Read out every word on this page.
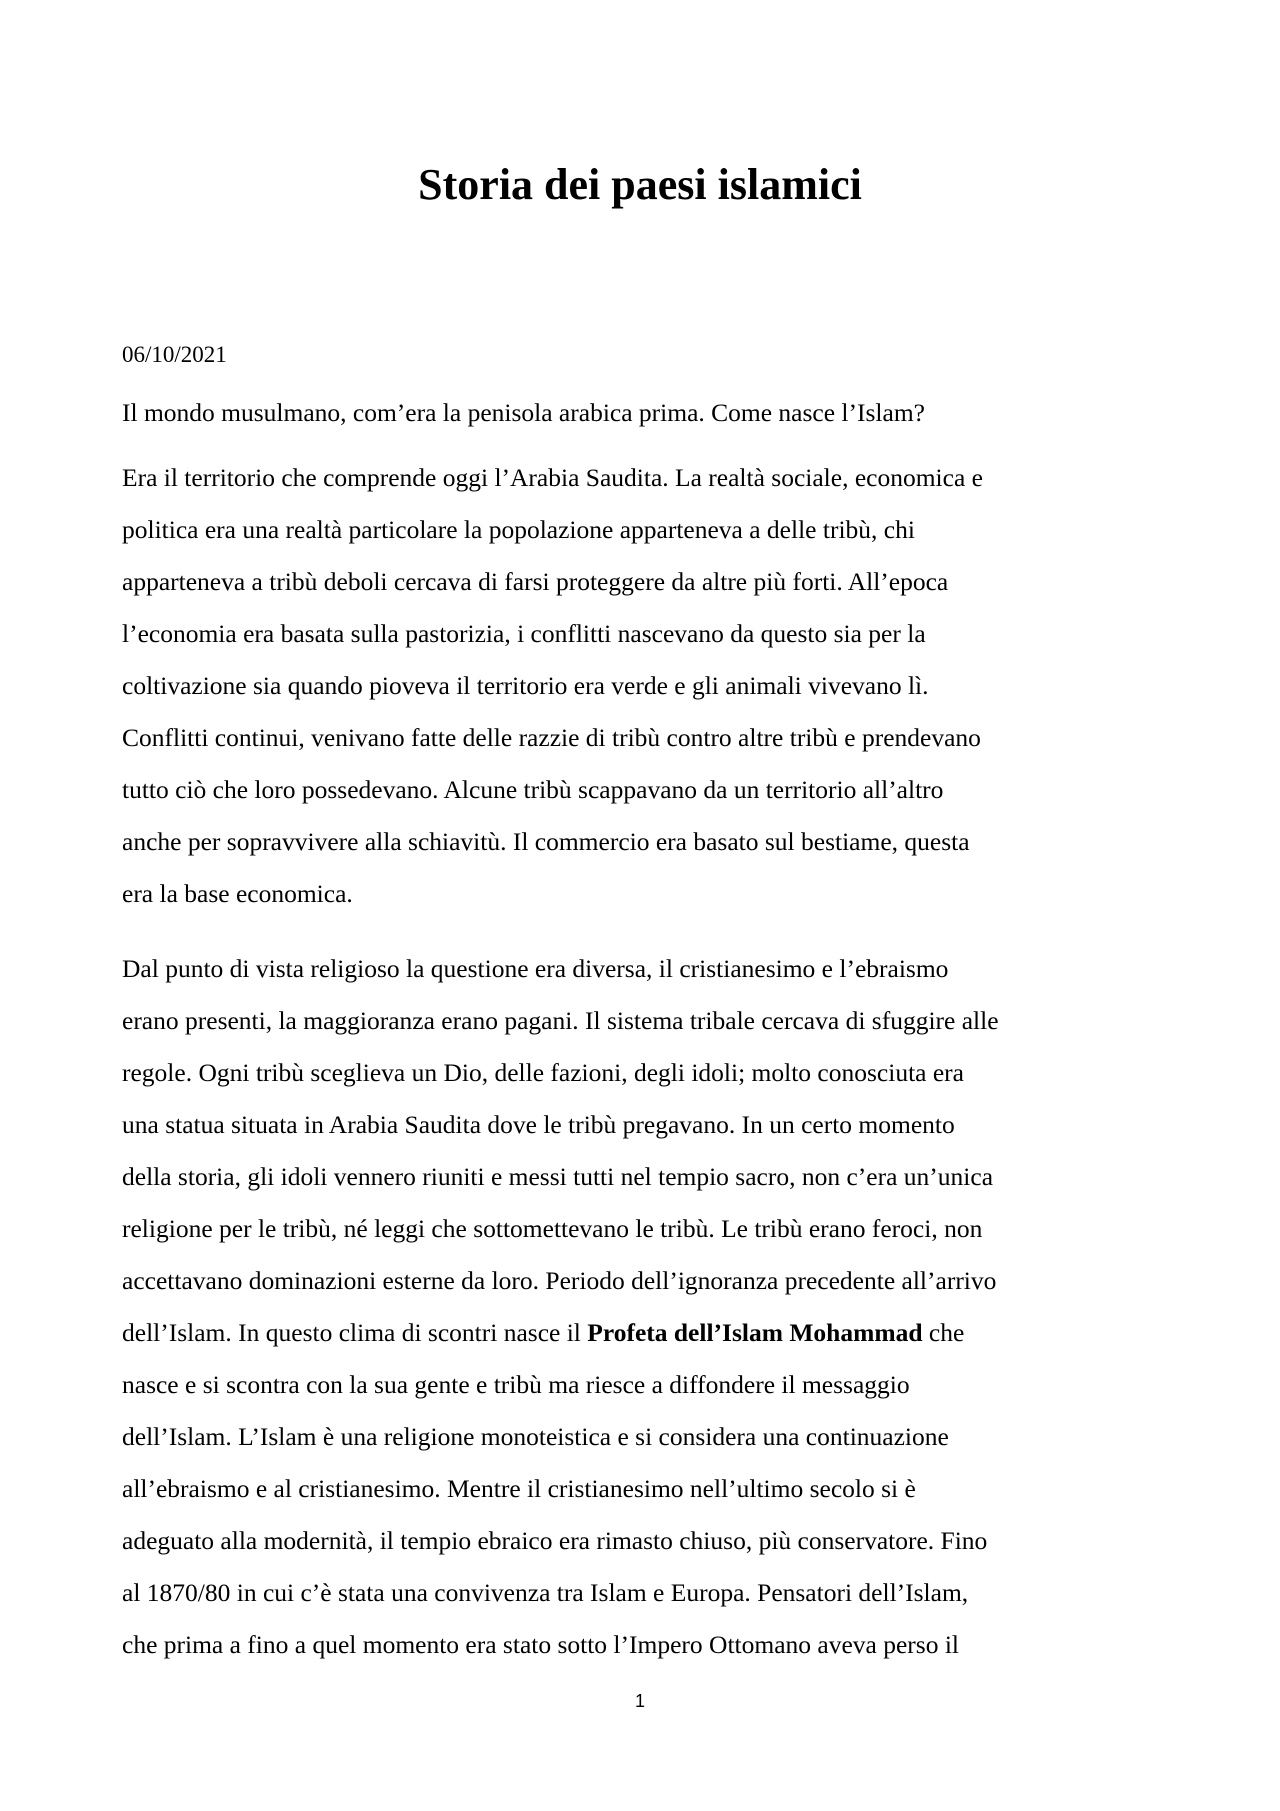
Storia dei paesi islamici

06/10/2021

Il mondo musulmano, com’era la penisola arabica prima. Come nasce l’Islam?

Era il territorio che comprende oggi l’Arabia Saudita. La realtà sociale, economica e
politica era una realtà particolare la popolazione apparteneva a delle tribù, chi
apparteneva a tribù deboli cercava di farsi proteggere da altre più forti. All’epoca
l’economia era basata sulla pastorizia, i conflitti nascevano da questo sia per la
coltivazione sia quando pioveva il territorio era verde e gli animali vivevano lì.
Conflitti continui, venivano fatte delle razzie di tribù contro altre tribù e prendevano
tutto ciò che loro possedevano. Alcune tribù scappavano da un territorio all’altro
anche per sopravvivere alla schiavitù. Il commercio era basato sul bestiame, questa
era la base economica.

Dal punto di vista religioso la questione era diversa, il cristianesimo e l’ebraismo
erano presenti, la maggioranza erano pagani. Il sistema tribale cercava di sfuggire alle
regole. Ogni tribù sceglieva un Dio, delle fazioni, degli idoli; molto conosciuta era
una statua situata in Arabia Saudita dove le tribù pregavano. In un certo momento
della storia, gli idoli vennero riuniti e messi tutti nel tempio sacro, non c’era un’unica
religione per le tribù, né leggi che sottomettevano le tribù. Le tribù erano feroci, non
accettavano dominazioni esterne da loro. Periodo dell’ignoranza precedente all’arrivo
dell’Islam. In questo clima di scontri nasce il Profeta dell’Islam Mohammad che
nasce e si scontra con la sua gente e tribù ma riesce a diffondere il messaggio
dell’Islam. L’Islam è una religione monoteistica e si considera una continuazione
all’ebraismo e al cristianesimo. Mentre il cristianesimo nell’ultimo secolo si è
adeguato alla modernità, il tempio ebraico era rimasto chiuso, più conservatore. Fino
al 1870/80 in cui c’è stata una convivenza tra Islam e Europa. Pensatori dell’Islam,
che prima a fino a quel momento era stato sotto l’Impero Ottomano aveva perso il

1
